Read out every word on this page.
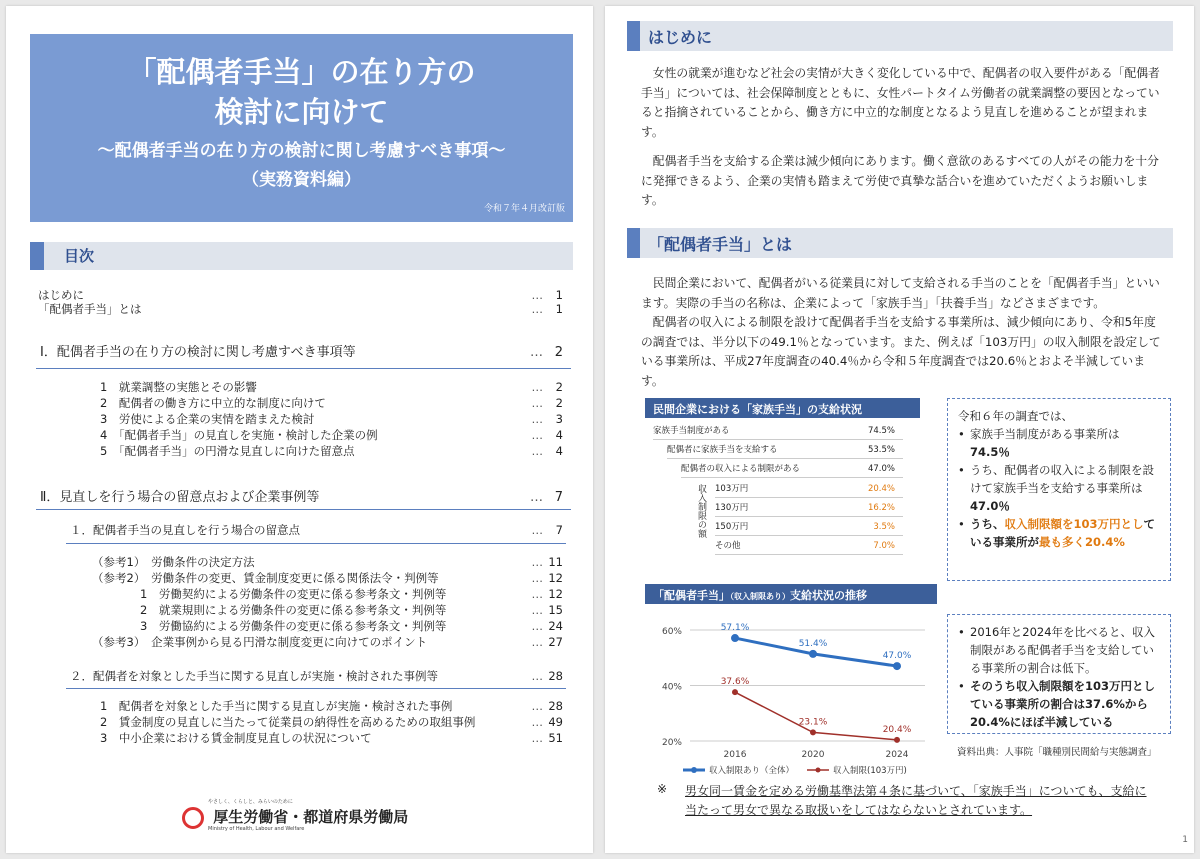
「配偶者手当」の在り方の
検討に向けて
～配偶者手当の在り方の検討に関し考慮すべき事項～
（実務資料編）
令和７年４月改訂版
目次
はじめに	…	1
「配偶者手当」とは	…	1
Ⅰ．配偶者手当の在り方の検討に関し考慮すべき事項等	… 2
1　就業調整の実態とその影響	…	2
2　配偶者の働き方に中立的な制度に向けて	…	2
3　労使による企業の実情を踏まえた検討	…	3
4　「配偶者手当」の見直しを実施・検討した企業の例	…	4
5　「配偶者手当」の円滑な見直しに向けた留意点	…	4
Ⅱ．見直しを行う場合の留意点および企業事例等	… 7
１．配偶者手当の見直しを行う場合の留意点	…	7
（参考1）　労働条件の決定方法	… 11
（参考2）　労働条件の変更、賃金制度変更に係る関係法令・判例等	… 12
1　労働契約による労働条件の変更に係る参考条文・判例等	… 12
2　就業規則による労働条件の変更に係る参考条文・判例等	… 15
3　労働協約による労働条件の変更に係る参考条文・判例等	… 24
（参考3）　企業事例から見る円滑な制度変更に向けてのポイント	… 27
２．配偶者を対象とした手当に関する見直しが実施・検討された事例等	… 28
1　配偶者を対象とした手当に関する見直しが実施・検討された事例	… 28
2　賃金制度の見直しに当たって従業員の納得性を高めるための取組事例	… 49
3　中小企業における賃金制度見直しの状況について	… 51

やさしく、くらしと、みらいのために
厚生労働省・都道府県労働局
Ministry of Health, Labour and Welfare
はじめに

女性の就業が進むなど社会の実情が大きく変化している中で、配偶者の収入要件がある「配偶者手当」については、社会保障制度とともに、女性パートタイム労働者の就業調整の要因となっていると指摘されていることから、働き方に中立的な制度となるよう見直しを進めることが望まれます。

配偶者手当を支給する企業は減少傾向にあります。働く意欲のあるすべての人がその能力を十分に発揮できるよう、企業の実情も踏まえて労使で真摯な話合いを進めていただくようお願いします。

「配偶者手当」とは

民間企業において、配偶者がいる従業員に対して支給される手当のことを「配偶者手当」といいます。実際の手当の名称は、企業によって「家族手当」「扶養手当」などさまざまです。

配偶者の収入による制限を設けて配偶者手当を支給する事業所は、減少傾向にあり、令和5年度の調査では、半分以下の49.1％となっています。また、例えば「103万円」の収入制限を設定している事業所は、平成27年度調査の40.4％から令和５年度調査では20.6％とおよそ半減しています。

民間企業における「家族手当」の支給状況
家族手当制度がある	74.5%
配偶者に家族手当を支給する	53.5%
配偶者の収入による制限がある	47.0%
収入制限の額 103万円	20.4%
130万円	16.2%
150万円	3.5%
その他	7.0%
令和６年の調査では、
• 家族手当制度がある事業所は
74.5％
• うち、配偶者の収入による制限を設けて家族手当を支給する事業所は47.0％
• うち、収入制限額を103万円としている事業所が最も多く20.4%
「配偶者手当」（収入制限あり）支給状況の推移
60%
40%
20%
2016	2020	2024
57.1%
51.4%
47.0%
37.6%
23.1%
20.4%
収入制限あり（全体）	収入制限(103万円)
• 2016年と2024年を比べると、収入制限がある配偶者手当を支給している事業所の割合は低下。
• そのうち収入制限額を103万円としている事業所の割合は37.6%から20.4%にほぼ半減している
資料出典：人事院「職種別民間給与実態調査」
※ 男女同一賃金を定める労働基準法第４条に基づいて、「家族手当」についても、支給に当たって男女で異なる取扱いをしてはならないとされています。
1
